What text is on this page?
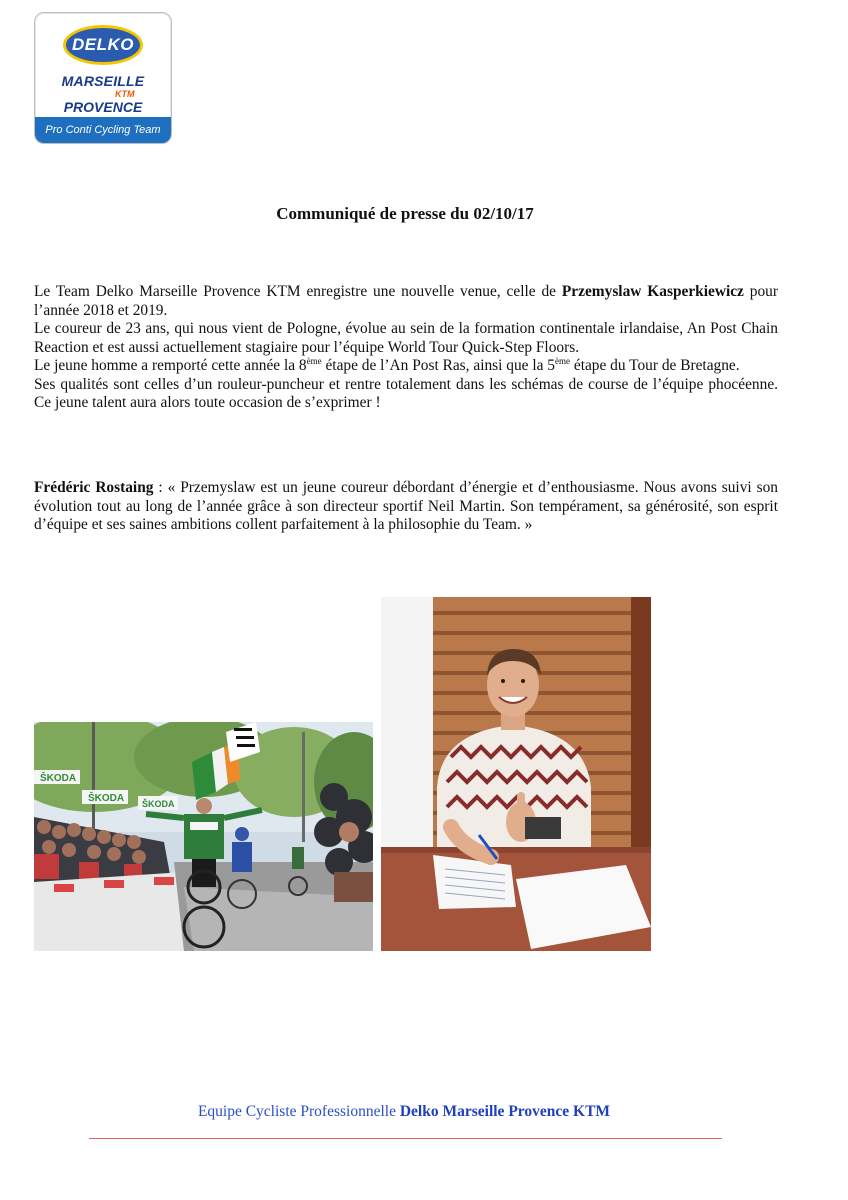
DELKO
MARSEILLE
KTM
PROVENCE
Pro Conti Cycling Team
Communiqué de presse du 02/10/17

Le Team Delko Marseille Provence KTM enregistre une nouvelle venue, celle de Przemyslaw Kasperkiewicz pour l’année 2018 et 2019.

Le coureur de 23 ans, qui nous vient de Pologne, évolue au sein de la formation continentale irlandaise, An Post Chain Reaction et est aussi actuellement stagiaire pour l’équipe World Tour Quick-Step Floors.

Le jeune homme a remporté cette année la 8ème étape de l’An Post Ras, ainsi que la 5ème étape du Tour de Bretagne.

Ses qualités sont celles d’un rouleur-puncheur et rentre totalement dans les schémas de course de l’équipe phocéenne. Ce jeune talent aura alors toute occasion de s’exprimer !

Frédéric Rostaing : « Przemyslaw est un jeune coureur débordant d’énergie et d’enthousiasme. Nous avons suivi son évolution tout au long de l’année grâce à son directeur sportif Neil Martin. Son tempérament, sa générosité, son esprit d’équipe et ses saines ambitions collent parfaitement à la philosophie du Team. »

ŠKODA
ŠKODA ŠKODA
Equipe Cycliste Professionnelle Delko Marseille Provence KTM
